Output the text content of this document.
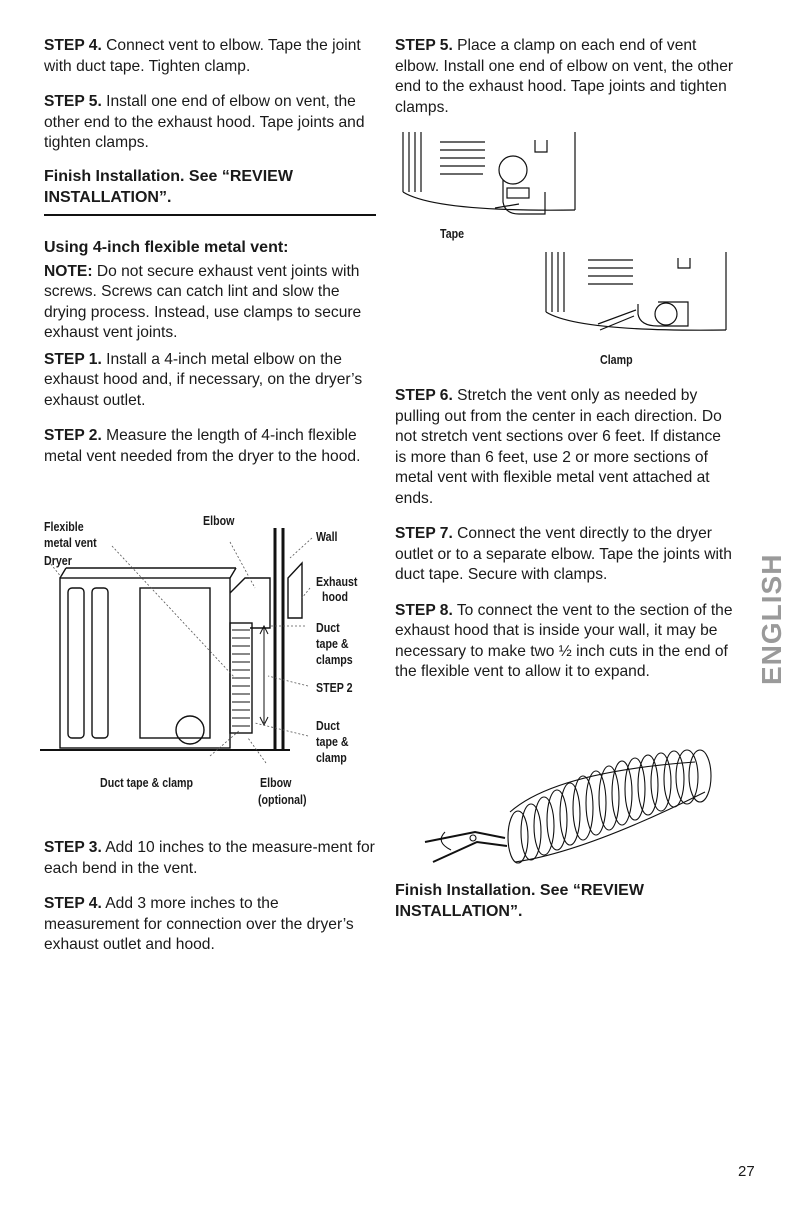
STEP 4. Connect vent to elbow. Tape the joint with duct tape. Tighten clamp.

STEP 5. Install one end of elbow on vent, the other end to the exhaust hood. Tape joints and tighten clamps.

Finish Installation. See “REVIEW INSTALLATION”.

Using 4-inch flexible metal vent:

NOTE: Do not secure exhaust vent joints with screws. Screws can catch lint and slow the drying process. Instead, use clamps to secure exhaust vent joints.

STEP 1. Install a 4-inch metal elbow on the exhaust hood and, if necessary, on the dryer’s exhaust outlet.

STEP 2. Measure the length of 4-inch flexible metal vent needed from the dryer to the hood.

Flexible
metal vent
Elbow
Wall
Dryer
Exhaust
hood
Duct
tape &
clamps
STEP 2
Duct
tape &
clamp
Duct tape & clamp	Elbow
(optional)

STEP 3. Add 10 inches to the measure-ment for each bend in the vent.

STEP 4. Add 3 more inches to the measurement for connection over the dryer’s exhaust outlet and hood.

STEP 5. Place a clamp on each end of vent elbow. Install one end of elbow on vent, the other end to the exhaust hood. Tape joints and tighten clamps.

Tape
Clamp

STEP 6. Stretch the vent only as needed by pulling out from the center in each direction. Do not stretch vent sections over 6 feet. If distance is more than 6 feet, use 2 or more sections of metal vent with flexible metal vent attached at ends.

STEP 7. Connect the vent directly to the dryer outlet or to a separate elbow. Tape the joints with duct tape. Secure with clamps.

STEP 8. To connect the vent to the section of the exhaust hood that is inside your wall, it may be necessary to make two ½ inch cuts in the end of the flexible vent to allow it to expand.

Finish Installation. See “REVIEW INSTALLATION”.

ENGLISH
27
